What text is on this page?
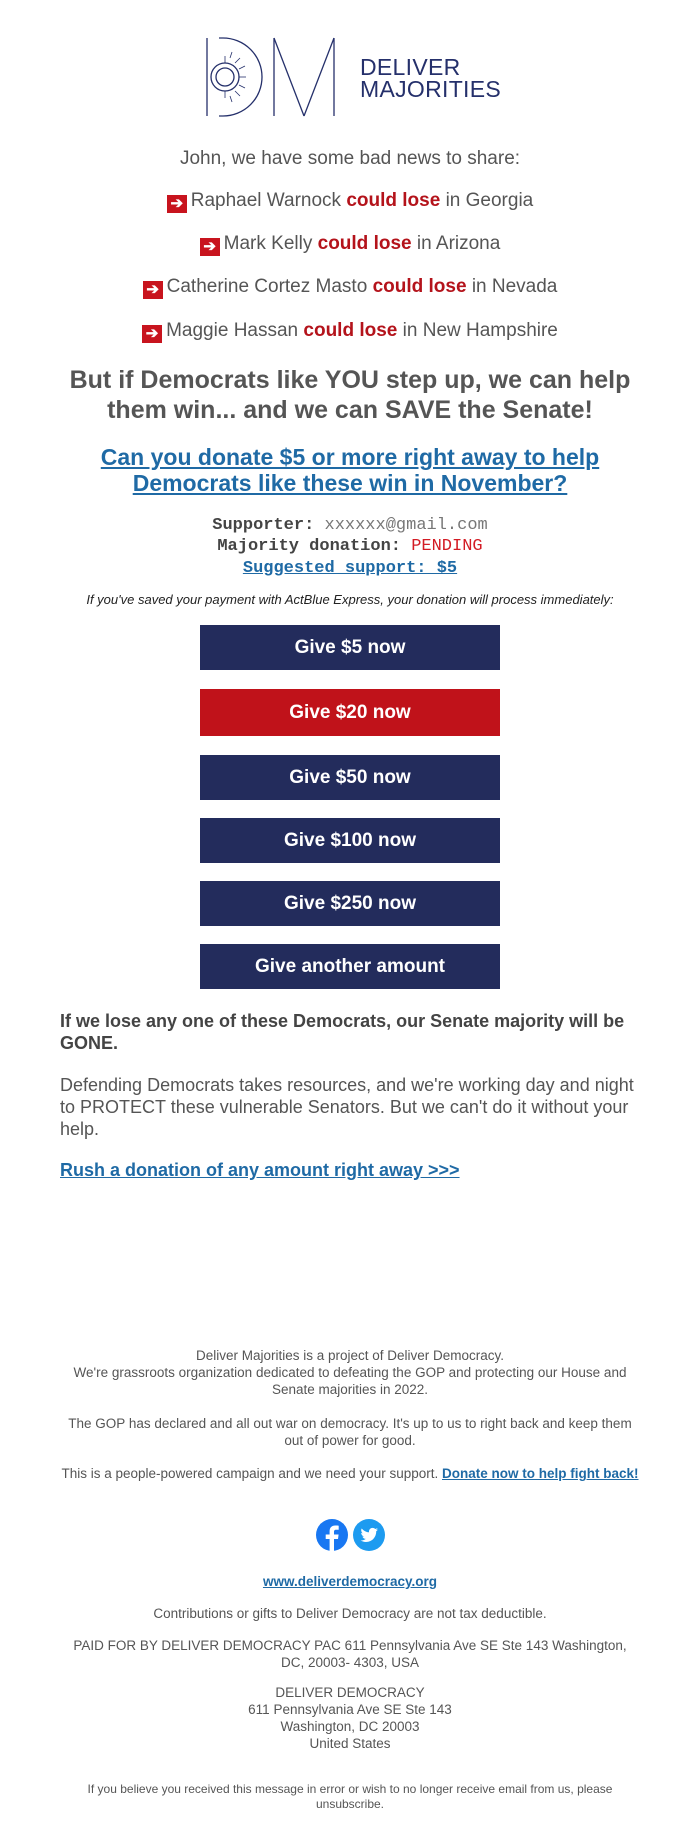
DELIVER
MAJORITIES
John, we have some bad news to share:
➔ Raphael Warnock could lose in Georgia
➔ Mark Kelly could lose in Arizona
➔ Catherine Cortez Masto could lose in Nevada
➔ Maggie Hassan could lose in New Hampshire
But if Democrats like YOU step up, we can help
them win... and we can SAVE the Senate!
Can you donate $5 or more right away to help
Democrats like these win in November?
Supporter: xxxxxx@gmail.com
Majority donation: PENDING
Suggested support: $5
If you've saved your payment with ActBlue Express, your donation will process immediately:
Give $5 now
Give $20 now
Give $50 now
Give $100 now
Give $250 now
Give another amount
If we lose any one of these Democrats, our Senate majority will be GONE.
Defending Democrats takes resources, and we're working day and night to PROTECT these vulnerable Senators. But we can't do it without your help.
Rush a donation of any amount right away >>>
Deliver Majorities is a project of Deliver Democracy.
We're grassroots organization dedicated to defeating the GOP and protecting our House and Senate majorities in 2022.
The GOP has declared and all out war on democracy. It's up to us to right back and keep them out of power for good.
This is a people-powered campaign and we need your support. Donate now to help fight back!
www.deliverdemocracy.org
Contributions or gifts to Deliver Democracy are not tax deductible.
PAID FOR BY DELIVER DEMOCRACY PAC 611 Pennsylvania Ave SE Ste 143 Washington, DC, 20003- 4303, USA
DELIVER DEMOCRACY
611 Pennsylvania Ave SE Ste 143
Washington, DC 20003
United States
If you believe you received this message in error or wish to no longer receive email from us, please unsubscribe.
